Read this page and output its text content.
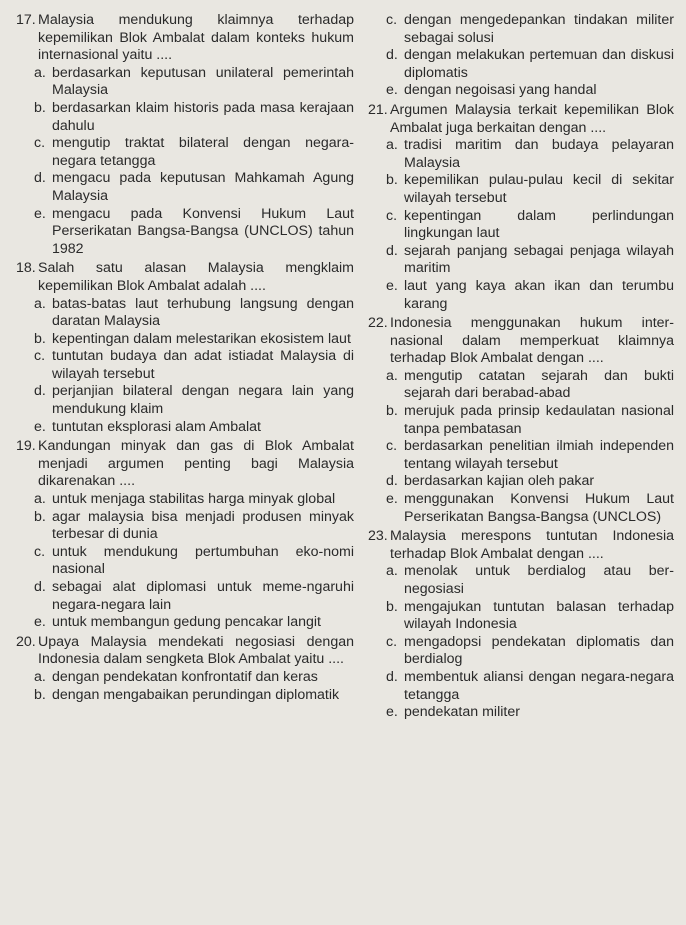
17. Malaysia mendukung klaimnya terhadap kepemilikan Blok Ambalat dalam konteks hukum internasional yaitu ....
a. berdasarkan keputusan unilateral pemerintah Malaysia
b. berdasarkan klaim historis pada masa kerajaan dahulu
c. mengutip traktat bilateral dengan negara-negara tetangga
d. mengacu pada keputusan Mahkamah Agung Malaysia
e. mengacu pada Konvensi Hukum Laut Perserikatan Bangsa-Bangsa (UNCLOS) tahun 1982
18. Salah satu alasan Malaysia mengklaim kepemilikan Blok Ambalat adalah ....
a. batas-batas laut terhubung langsung dengan daratan Malaysia
b. kepentingan dalam melestarikan ekosistem laut
c. tuntutan budaya dan adat istiadat Malaysia di wilayah tersebut
d. perjanjian bilateral dengan negara lain yang mendukung klaim
e. tuntutan eksplorasi alam Ambalat
19. Kandungan minyak dan gas di Blok Ambalat menjadi argumen penting bagi Malaysia dikarenakan ....
a. untuk menjaga stabilitas harga minyak global
b. agar malaysia bisa menjadi produsen minyak terbesar di dunia
c. untuk mendukung pertumbuhan eko-nomi nasional
d. sebagai alat diplomasi untuk meme-ngaruhi negara-negara lain
e. untuk membangun gedung pencakar langit
20. Upaya Malaysia mendekati negosiasi dengan Indonesia dalam sengketa Blok Ambalat yaitu ....
a. dengan pendekatan konfrontatif dan keras
b. dengan mengabaikan perundingan diplomatik
c. dengan mengedepankan tindakan militer sebagai solusi
d. dengan melakukan pertemuan dan diskusi diplomatis
e. dengan negoisasi yang handal
21. Argumen Malaysia terkait kepemilikan Blok Ambalat juga berkaitan dengan ....
a. tradisi maritim dan budaya pelayaran Malaysia
b. kepemilikan pulau-pulau kecil di sekitar wilayah tersebut
c. kepentingan dalam perlindungan lingkungan laut
d. sejarah panjang sebagai penjaga wilayah maritim
e. laut yang kaya akan ikan dan terumbu karang
22. Indonesia menggunakan hukum inter-nasional dalam memperkuat klaimnya terhadap Blok Ambalat dengan ....
a. mengutip catatan sejarah dan bukti sejarah dari berabad-abad
b. merujuk pada prinsip kedaulatan nasional tanpa pembatasan
c. berdasarkan penelitian ilmiah independen tentang wilayah tersebut
d. berdasarkan kajian oleh pakar
e. menggunakan Konvensi Hukum Laut Perserikatan Bangsa-Bangsa (UNCLOS)
23. Malaysia merespons tuntutan Indonesia terhadap Blok Ambalat dengan ....
a. menolak untuk berdialog atau ber-negosiasi
b. mengajukan tuntutan balasan terhadap wilayah Indonesia
c. mengadopsi pendekatan diplomatis dan berdialog
d. membentuk aliansi dengan negara-negara tetangga
e. pendekatan militer
